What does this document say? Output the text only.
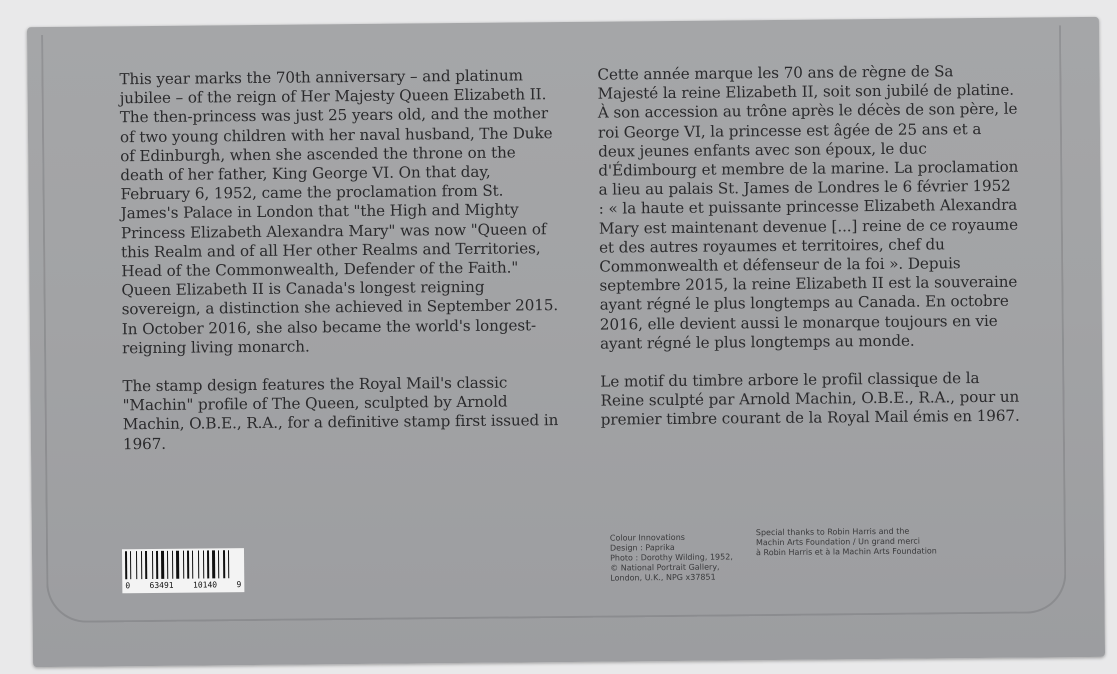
This year marks the 70th anniversary – and platinum jubilee – of the reign of Her Majesty Queen Elizabeth II. The then-princess was just 25 years old, and the mother of two young children with her naval husband, The Duke of Edinburgh, when she ascended the throne on the death of her father, King George VI. On that day, February 6, 1952, came the proclamation from St. James's Palace in London that "the High and Mighty Princess Elizabeth Alexandra Mary" was now "Queen of this Realm and of all Her other Realms and Territories, Head of the Commonwealth, Defender of the Faith." Queen Elizabeth II is Canada's longest reigning sovereign, a distinction she achieved in September 2015. In October 2016, she also became the world's longest-reigning living monarch.

The stamp design features the Royal Mail's classic "Machin" profile of The Queen, sculpted by Arnold Machin, O.B.E., R.A., for a definitive stamp first issued in 1967.

Cette année marque les 70 ans de règne de Sa Majesté la reine Elizabeth II, soit son jubilé de platine. À son accession au trône après le décès de son père, le roi George VI, la princesse est âgée de 25 ans et a deux jeunes enfants avec son époux, le duc d'Édimbourg et membre de la marine. La proclamation a lieu au palais St. James de Londres le 6 février 1952 : « la haute et puissante princesse Elizabeth Alexandra Mary est maintenant devenue [...] reine de ce royaume et des autres royaumes et territoires, chef du Commonwealth et défenseur de la foi ». Depuis septembre 2015, la reine Elizabeth II est la souveraine ayant régné le plus longtemps au Canada. En octobre 2016, elle devient aussi le monarque toujours en vie ayant régné le plus longtemps au monde.

Le motif du timbre arbore le profil classique de la Reine sculpté par Arnold Machin, O.B.E., R.A., pour un premier timbre courant de la Royal Mail émis en 1967.

0 63491 10140 9
Colour Innovations
Design : Paprika
Photo : Dorothy Wilding, 1952,
© National Portrait Gallery,
London, U.K., NPG x37851
Special thanks to Robin Harris and the
Machin Arts Foundation / Un grand merci
à Robin Harris et à la Machin Arts Foundation
